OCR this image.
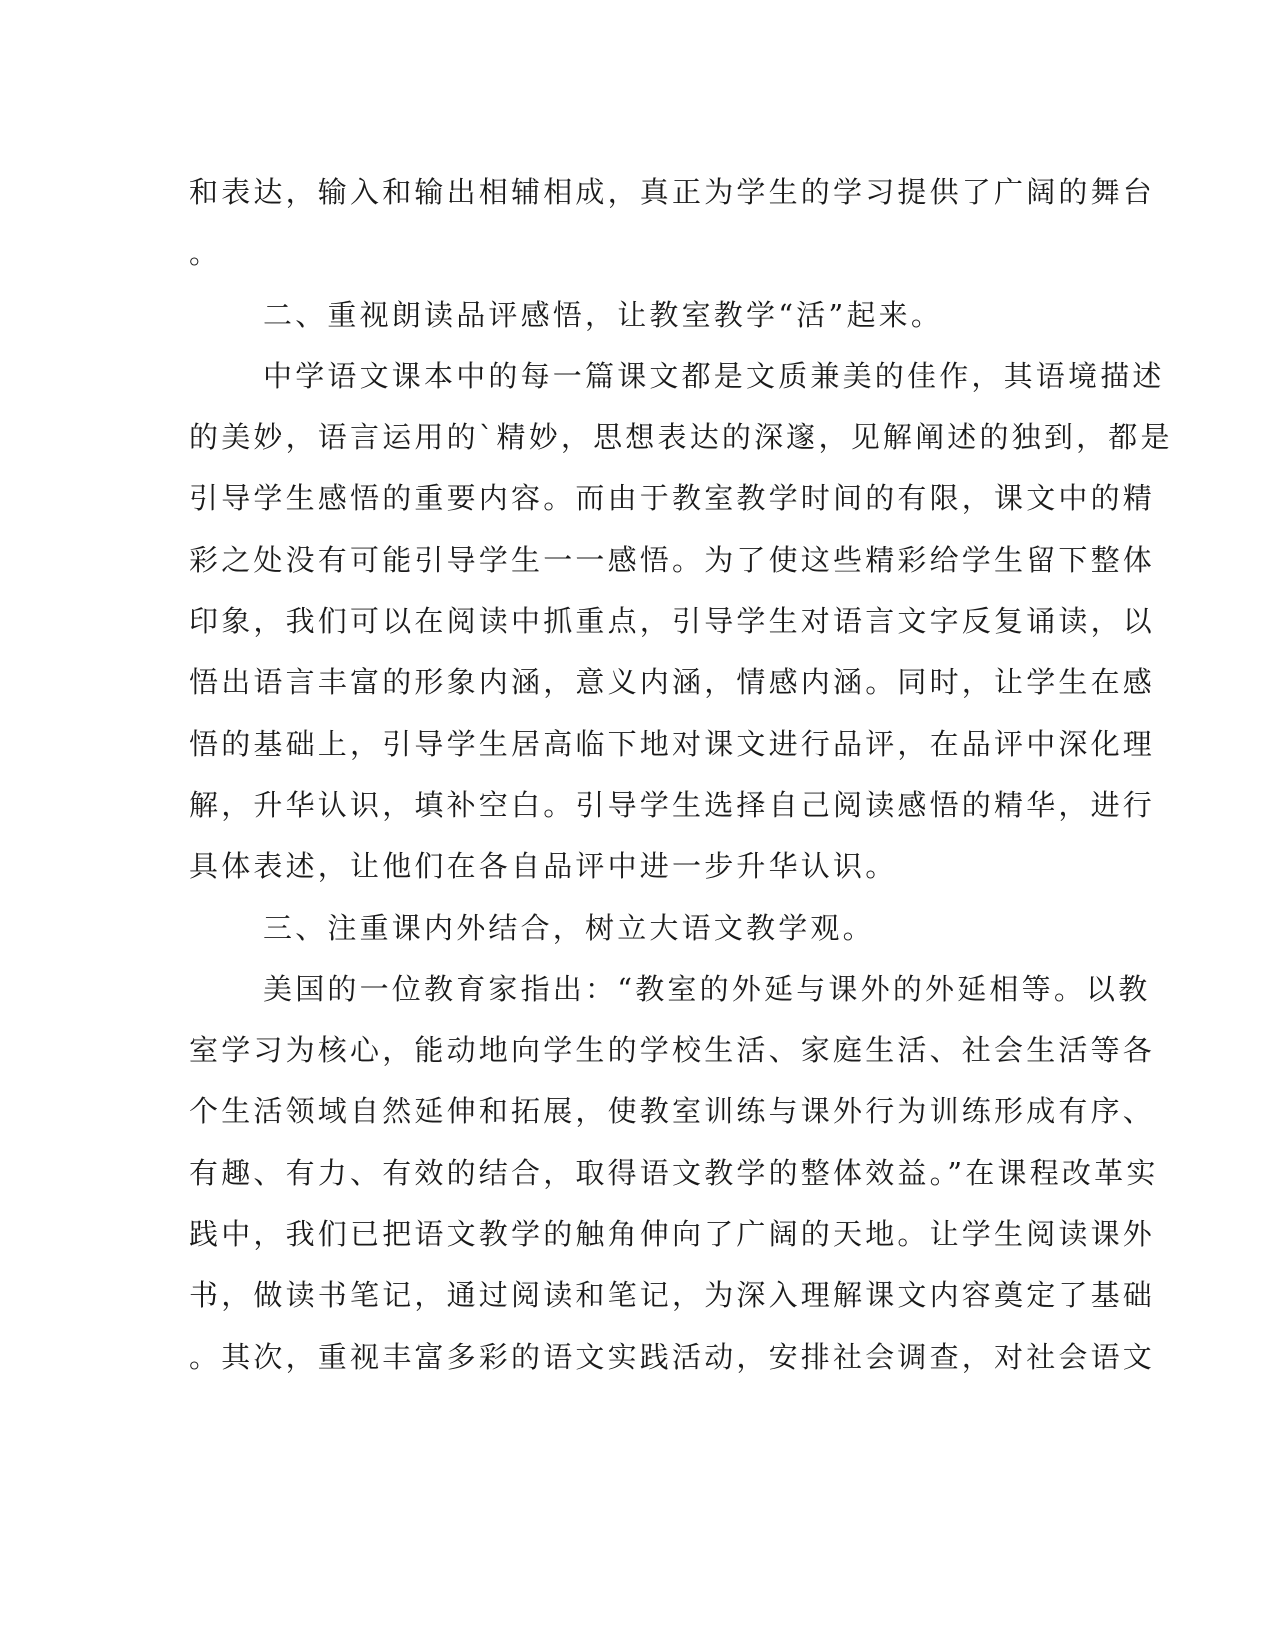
和表达，输入和输出相辅相成，真正为学生的学习提供了广阔的舞台
。
二、重视朗读品评感悟，让教室教学“活”起来。
中学语文课本中的每一篇课文都是文质兼美的佳作，其语境描述
的美妙，语言运用的`精妙，思想表达的深邃，见解阐述的独到，都是
引导学生感悟的重要内容。而由于教室教学时间的有限，课文中的精
彩之处没有可能引导学生一一感悟。为了使这些精彩给学生留下整体
印象，我们可以在阅读中抓重点，引导学生对语言文字反复诵读，以
悟出语言丰富的形象内涵，意义内涵，情感内涵。同时，让学生在感
悟的基础上，引导学生居高临下地对课文进行品评，在品评中深化理
解，升华认识，填补空白。引导学生选择自己阅读感悟的精华，进行
具体表述，让他们在各自品评中进一步升华认识。
三、注重课内外结合，树立大语文教学观。
美国的一位教育家指出：“教室的外延与课外的外延相等。以教
室学习为核心，能动地向学生的学校生活、家庭生活、社会生活等各
个生活领域自然延伸和拓展，使教室训练与课外行为训练形成有序、
有趣、有力、有效的结合，取得语文教学的整体效益。”在课程改革实
践中，我们已把语文教学的触角伸向了广阔的天地。让学生阅读课外
书，做读书笔记，通过阅读和笔记，为深入理解课文内容奠定了基础
。其次，重视丰富多彩的语文实践活动，安排社会调查，对社会语文
